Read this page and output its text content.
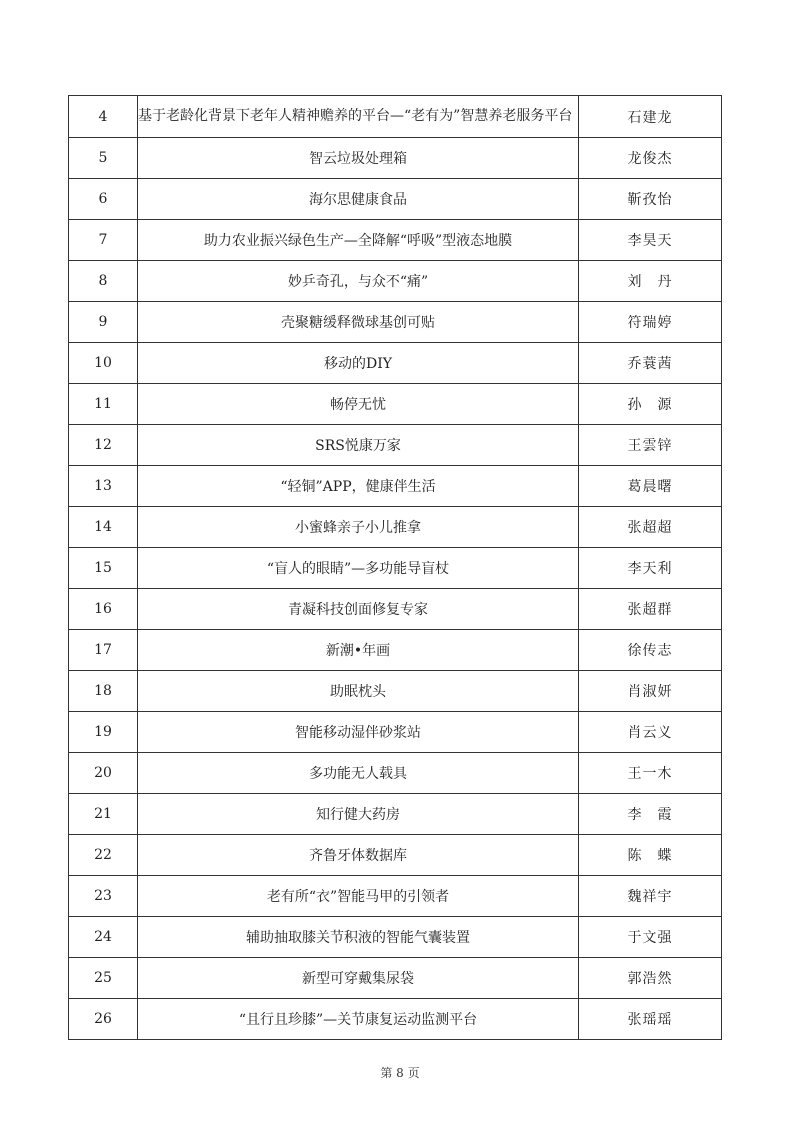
4	基于老龄化背景下老年人精神赡养的平台—“老有为”智慧养老服务平台	石建龙
5	智云垃圾处理箱	龙俊杰
6	海尔思健康食品	靳孜怡
7	助力农业振兴绿色生产—全降解“呼吸”型液态地膜	李昊天
8	妙乒奇孔，与众不“痛”	刘　丹
9	壳聚糖缓释微球基创可贴	符瑞婷
10	移动的DIY	乔蓑茜
11	畅停无忧	孙　源
12	SRS悦康万家	王雲锌
13	“轻铜”APP，健康伴生活	葛晨曙
14	小蜜蜂亲子小儿推拿	张超超
15	“盲人的眼睛”—多功能导盲杖	李天利
16	青凝科技创面修复专家	张超群
17	新潮•年画	徐传志
18	助眠枕头	肖淑妍
19	智能移动湿伴砂浆站	肖云义
20	多功能无人载具	王一木
21	知行健大药房	李　霞
22	齐鲁牙体数据库	陈　蝶
23	老有所“衣”智能马甲的引领者	魏祥宇
24	辅助抽取膝关节积液的智能气囊装置	于文强
25	新型可穿戴集尿袋	郭浩然
26	“且行且珍膝”—关节康复运动监测平台	张瑶瑶
第 8 页
